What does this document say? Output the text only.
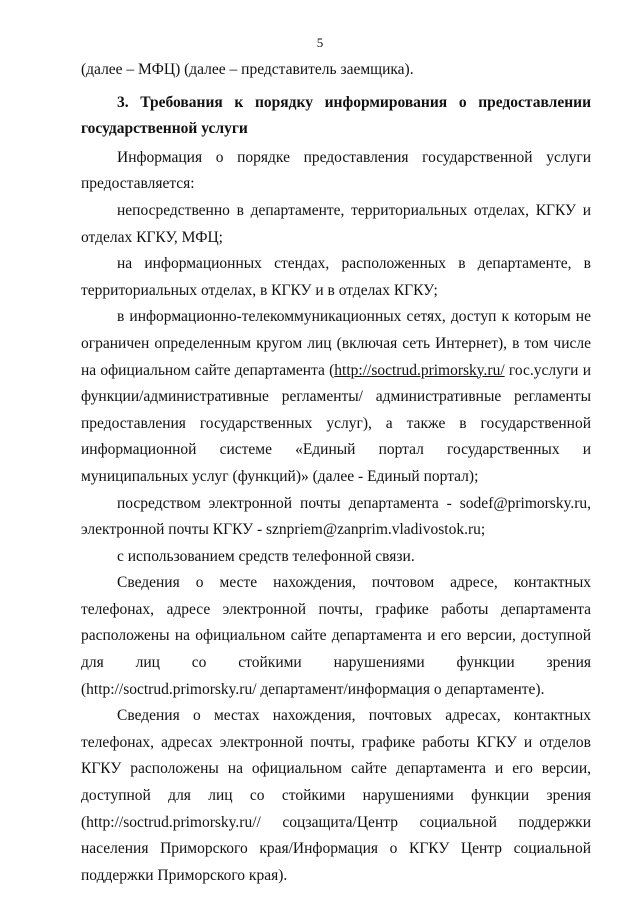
5

(далее – МФЦ) (далее – представитель заемщика).

3. Требования к порядку информирования о предоставлении государственной услуги

Информация о порядке предоставления государственной услуги предоставляется:

непосредственно в департаменте, территориальных отделах, КГКУ и отделах КГКУ, МФЦ;

на информационных стендах, расположенных в департаменте, в территориальных отделах, в КГКУ и в отделах КГКУ;

в информационно-телекоммуникационных сетях, доступ к которым не ограничен определенным кругом лиц (включая сеть Интернет), в том числе на официальном сайте департамента (http://soctrud.primorsky.ru/ гос.услуги и функции/административные регламенты/ административные регламенты предоставления государственных услуг), а также в государственной информационной системе «Единый портал государственных и муниципальных услуг (функций)» (далее - Единый портал);

посредством электронной почты департамента - sodef@primorsky.ru, электронной почты КГКУ - sznpriem@zanprim.vladivostok.ru;

с использованием средств телефонной связи.

Сведения о месте нахождения, почтовом адресе, контактных телефонах, адресе электронной почты, графике работы департамента расположены на официальном сайте департамента и его версии, доступной для лиц со стойкими нарушениями функции зрения (http://soctrud.primorsky.ru/ департамент/информация о департаменте).

Сведения о местах нахождения, почтовых адресах, контактных телефонах, адресах электронной почты, графике работы КГКУ и отделов КГКУ расположены на официальном сайте департамента и его версии, доступной для лиц со стойкими нарушениями функции зрения (http://soctrud.primorsky.ru// соцзащита/Центр социальной поддержки населения Приморского края/Информация о КГКУ Центр социальной поддержки Приморского края).
